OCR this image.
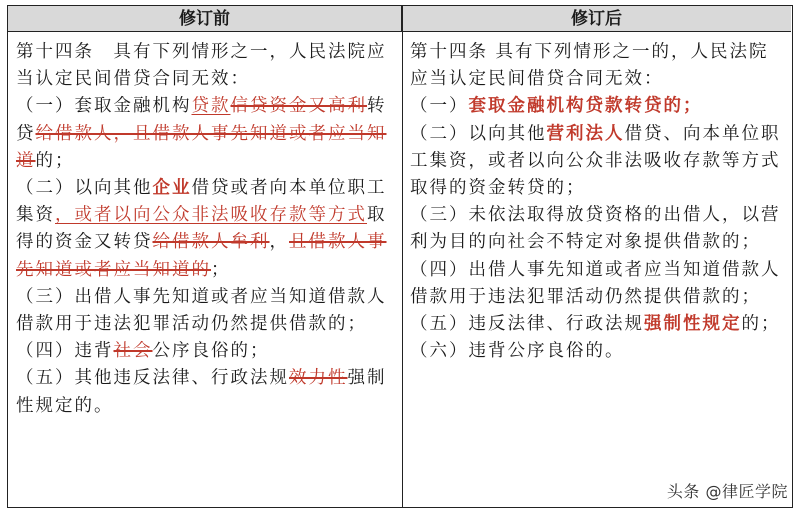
修订前	修订后

第十四条　具有下列情形之一，人民法院应当认定民间借贷合同无效：

（一）套取金融机构贷款信贷资金又高利转贷给借款人，且借款人事先知道或者应当知道的；

（二）以向其他企业借贷或者向本单位职工集资，或者以向公众非法吸收存款等方式取得的资金又转贷给借款人牟利，且借款人事先知道或者应当知道的；

（三）出借人事先知道或者应当知道借款人借款用于违法犯罪活动仍然提供借款的；

（四）违背社会公序良俗的；

（五）其他违反法律、行政法规效力性强制性规定的。

第十四条 具有下列情形之一的，人民法院应当认定民间借贷合同无效：

（一）套取金融机构贷款转贷的；

（二）以向其他营利法人借贷、向本单位职工集资，或者以向公众非法吸收存款等方式取得的资金转贷的；

（三）未依法取得放贷资格的出借人，以营利为目的向社会不特定对象提供借款的；

（四）出借人事先知道或者应当知道借款人借款用于违法犯罪活动仍然提供借款的；

（五）违反法律、行政法规强制性规定的；

（六）违背公序良俗的。

头条 @律匠学院
